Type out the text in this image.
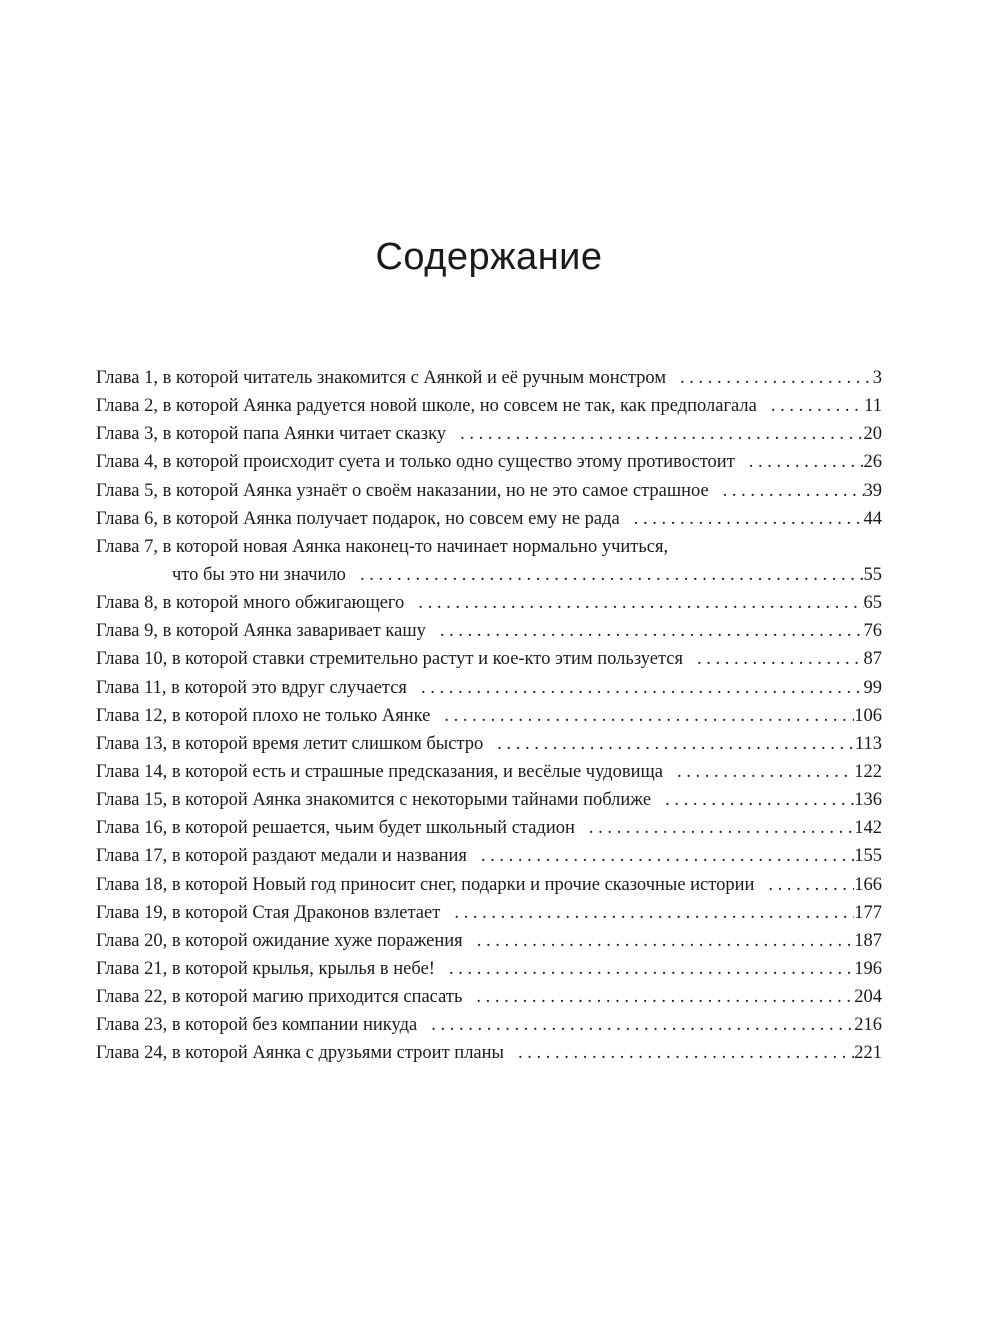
Содержание
Глава 1, в которой читатель знакомится с Аянкой и её ручным монстром . . .	3
Глава 2, в которой Аянка радуется новой школе, но совсем не так, как предполагала . . .	11
Глава 3, в которой папа Аянки читает сказку . . .	20
Глава 4, в которой происходит суета и только одно существо этому противостоит . . .	26
Глава 5, в которой Аянка узнаёт о своём наказании, но не это самое страшное . . .	39
Глава 6, в которой Аянка получает подарок, но совсем ему не рада . . .	44
Глава 7, в которой новая Аянка наконец-то начинает нормально учиться,
что бы это ни значило . . .	55
Глава 8, в которой много обжигающего . . .	65
Глава 9, в которой Аянка заваривает кашу . . .	76
Глава 10, в которой ставки стремительно растут и кое-кто этим пользуется . . .	87
Глава 11, в которой это вдруг случается . . .	99
Глава 12, в которой плохо не только Аянке . . .	106
Глава 13, в которой время летит слишком быстро . . .	113
Глава 14, в которой есть и страшные предсказания, и весёлые чудовища . . .	122
Глава 15, в которой Аянка знакомится с некоторыми тайнами поближе . . .	136
Глава 16, в которой решается, чьим будет школьный стадион . . .	142
Глава 17, в которой раздают медали и названия . . .	155
Глава 18, в которой Новый год приносит снег, подарки и прочие сказочные истории . . .	166
Глава 19, в которой Стая Драконов взлетает . . .	177
Глава 20, в которой ожидание хуже поражения . . .	187
Глава 21, в которой крылья, крылья в небе! . . .	196
Глава 22, в которой магию приходится спасать . . .	204
Глава 23, в которой без компании никуда . . .	216
Глава 24, в которой Аянка с друзьями строит планы . . .	221
